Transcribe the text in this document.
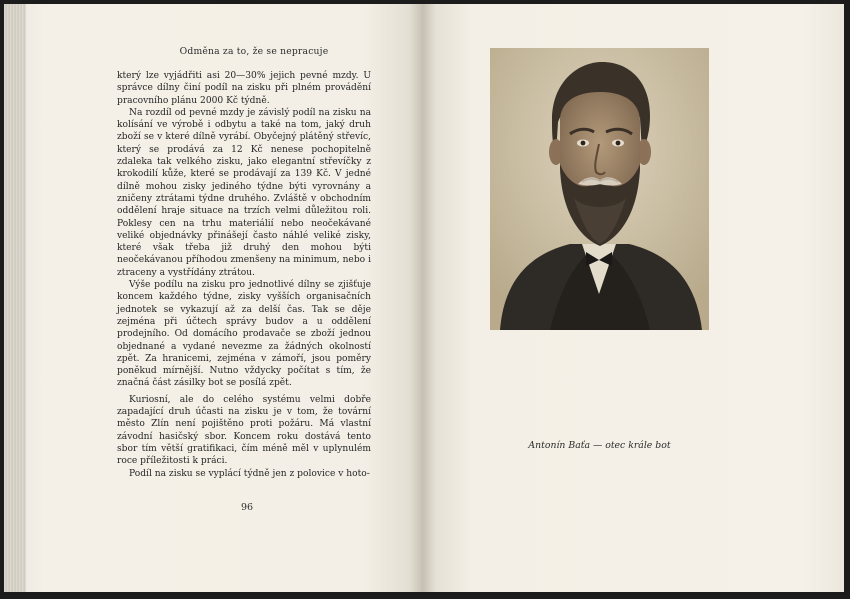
Odměna za to, že se nepracuje

který lze vyjádřiti asi 20—30% jejich pevné mzdy. U správce dílny činí podíl na zisku při plném provádění pracovního plánu 2000 Kč týdně.

Na rozdíl od pevné mzdy je závislý podíl na zisku na kolísání ve výrobě i odbytu a také na tom, jaký druh zboží se v které dílně vyrábí. Obyčejný plátěný střevíc, který se prodává za 12 Kč nenese pochopitelně zdaleka tak velkého zisku, jako elegantní střevíčky z krokodilí kůže, které se prodávají za 139 Kč. V jedné dílně mohou zisky jediného týdne býti vyrovnány a zničeny ztrátami týdne druhého. Zvláště v obchodním oddělení hraje situace na trzích velmi důležitou roli. Poklesy cen na trhu materiálií nebo neočekávané veliké objednávky přinášejí často náhlé veliké zisky, které však třeba již druhý den mohou býti neočekávanou příhodou zmenšeny na minimum, nebo i ztraceny a vystřídány ztrátou.

Výše podílu na zisku pro jednotlivé dílny se zjišťuje koncem každého týdne, zisky vyšších organisačních jednotek se vykazují až za delší čas. Tak se děje zejména při účtech správy budov a u oddělení prodejního. Od domácího prodavače se zboží jednou objednané a vydané nevezme za žádných okolností zpět. Za hranicemi, zejména v zámoří, jsou poměry poněkud mírnější. Nutno vždycky počítat s tím, že značná část zásilky bot se posílá zpět.

Kuriosní, ale do celého systému velmi dobře zapadající druh účasti na zisku je v tom, že tovární město Zlín není pojištěno proti požáru. Má vlastní závodní hasičský sbor. Koncem roku dostává tento sbor tím větší gratifikaci, čím méně měl v uplynulém roce příležitosti k práci.

Podíl na zisku se vyplácí týdně jen z polovice v hoto-

96
Antonín Baťa — otec krále bot
